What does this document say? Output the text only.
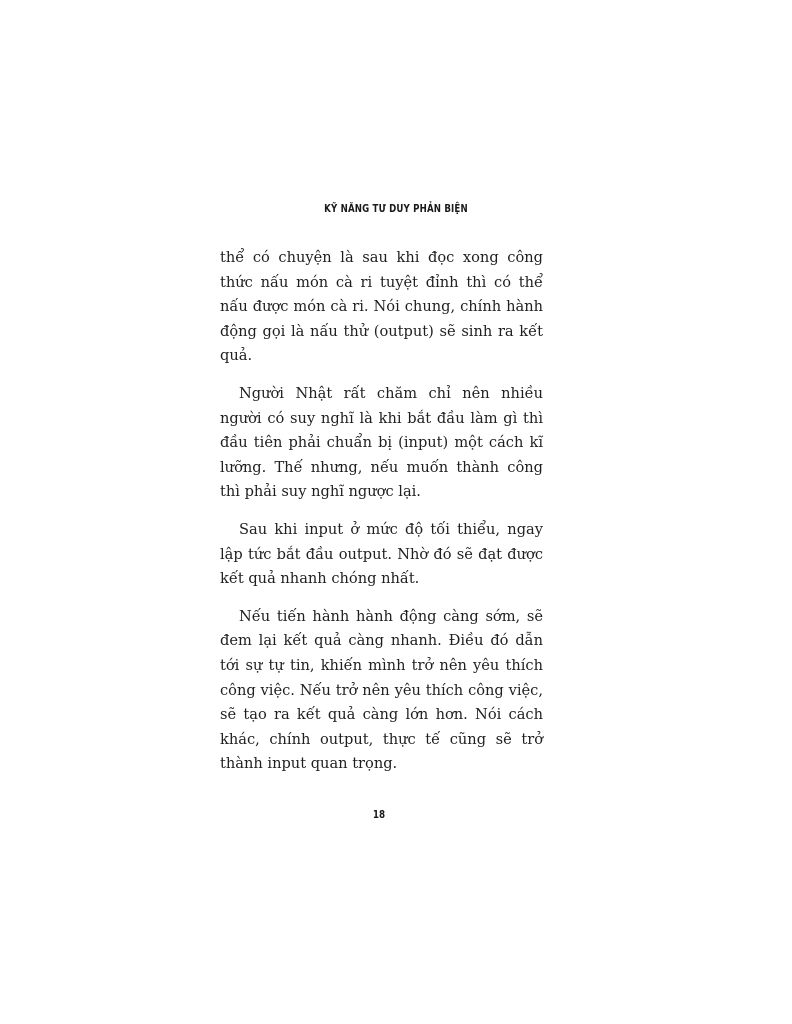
KỸ NĂNG TƯ DUY PHẢN BIỆN

thể có chuyện là sau khi đọc xong công thức nấu món cà ri tuyệt đỉnh thì có thể nấu được món cà ri. Nói chung, chính hành động gọi là nấu thử (output) sẽ sinh ra kết quả.

Người Nhật rất chăm chỉ nên nhiều người có suy nghĩ là khi bắt đầu làm gì thì đầu tiên phải chuẩn bị (input) một cách kĩ lưỡng. Thế nhưng, nếu muốn thành công thì phải suy nghĩ ngược lại.

Sau khi input ở mức độ tối thiểu, ngay lập tức bắt đầu output. Nhờ đó sẽ đạt được kết quả nhanh chóng nhất.

Nếu tiến hành hành động càng sớm, sẽ đem lại kết quả càng nhanh. Điều đó dẫn tới sự tự tin, khiến mình trở nên yêu thích công việc. Nếu trở nên yêu thích công việc, sẽ tạo ra kết quả càng lớn hơn. Nói cách khác, chính output, thực tế cũng sẽ trở thành input quan trọng.

18
